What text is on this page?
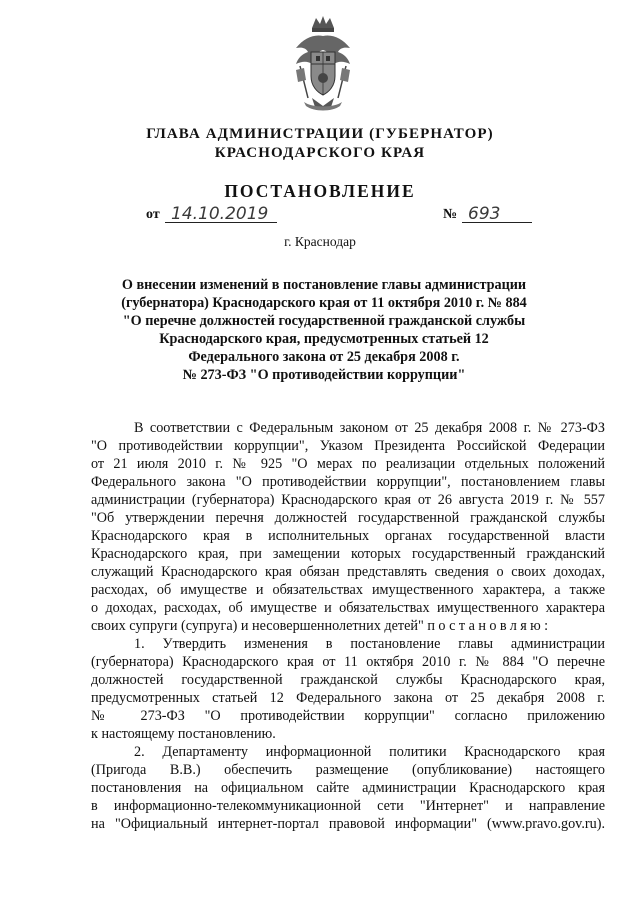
ГЛАВА АДМИНИСТРАЦИИ (ГУБЕРНАТОР)
КРАСНОДАРСКОГО КРАЯ
ПОСТАНОВЛЕНИЕ
от 14.10.2019	№ 693
г. Краснодар
О внесении изменений в постановление главы администрации
(губернатора) Краснодарского края от 11 октября 2010 г. № 884
"О перечне должностей государственной гражданской службы
Краснодарского края, предусмотренных статьей 12
Федерального закона от 25 декабря 2008 г.
№ 273-ФЗ "О противодействии коррупции"
В соответствии с Федеральным законом от 25 декабря 2008 г. № 273-ФЗ
"О противодействии коррупции", Указом Президента Российской Федерации
от 21 июля 2010 г. № 925 "О мерах по реализации отдельных положений
Федерального закона "О противодействии коррупции", постановлением главы
администрации (губернатора) Краснодарского края от 26 августа 2019 г. № 557
"Об утверждении перечня должностей государственной гражданской службы
Краснодарского края в исполнительных органах государственной власти
Краснодарского края, при замещении которых государственный гражданский
служащий Краснодарского края обязан представлять сведения о своих доходах,
расходах, об имуществе и обязательствах имущественного характера, а также
о доходах, расходах, об имуществе и обязательствах имущественного характера
своих супруги (супруга) и несовершеннолетних детей" постановляю:
1. Утвердить изменения в постановление главы администрации
(губернатора) Краснодарского края от 11 октября 2010 г. № 884 "О перечне
должностей государственной гражданской службы Краснодарского края,
предусмотренных статьей 12 Федерального закона от 25 декабря 2008 г.
№ 273-ФЗ "О противодействии коррупции" согласно приложению
к настоящему постановлению.
2. Департаменту информационной политики Краснодарского края
(Пригода В.В.) обеспечить размещение (опубликование) настоящего
постановления на официальном сайте администрации Краснодарского края
в информационно-телекоммуникационной сети "Интернет" и направление
на "Официальный интернет-портал правовой информации" (www.pravo.gov.ru).
